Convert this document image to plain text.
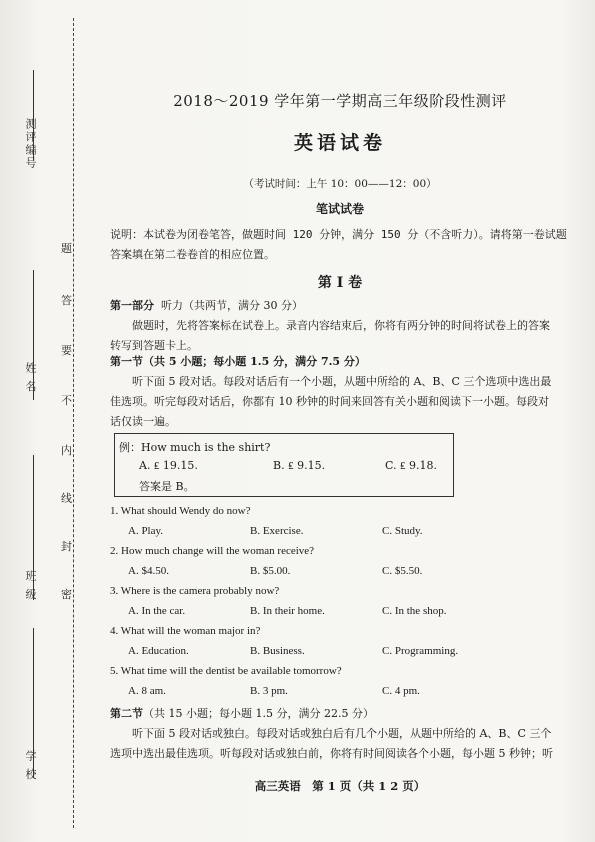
测评编号
姓 名
班 级
学 校
题
答
要
不
内
线
封
密
2018～2019 学年第一学期高三年级阶段性测评
英语试卷
（考试时间：上午 10：00——12：00）
笔试试卷
说明：本试卷为闭卷笔答，做题时间 120 分钟，满分 150 分（不含听力）。请将第一卷试题
答案填在第二卷卷首的相应位置。
第 Ⅰ 卷
第一部分 听力（共两节，满分 30 分）
做题时，先将答案标在试卷上。录音内容结束后，你将有两分钟的时间将试卷上的答案
转写到答题卡上。
第一节（共 5 小题；每小题 1.5 分，满分 7.5 分）
听下面 5 段对话。每段对话后有一个小题，从题中所给的 A、B、C 三个选项中选出最
佳选项。听完每段对话后，你都有 10 秒钟的时间来回答有关小题和阅读下一小题。每段对
话仅读一遍。
例：How much is the shirt?
A. ₤ 19.15.	B. ₤ 9.15.	C. ₤ 9.18.
答案是 B。
1. What should Wendy do now?
A. Play.	B. Exercise.	C. Study.
2. How much change will the woman receive?
A. $4.50.	B. $5.00.	C. $5.50.
3. Where is the camera probably now?
A. In the car.	B. In their home.	C. In the shop.
4. What will the woman major in?
A. Education.	B. Business.	C. Programming.
5. What time will the dentist be available tomorrow?
A. 8 am.	B. 3 pm.	C. 4 pm.
第二节（共 15 小题；每小题 1.5 分，满分 22.5 分）
听下面 5 段对话或独白。每段对话或独白后有几个小题，从题中所给的 A、B、C 三个
选项中选出最佳选项。听每段对话或独白前，你将有时间阅读各个小题，每小题 5 秒钟；听
高三英语　第 1 页（共 1 2 页）
